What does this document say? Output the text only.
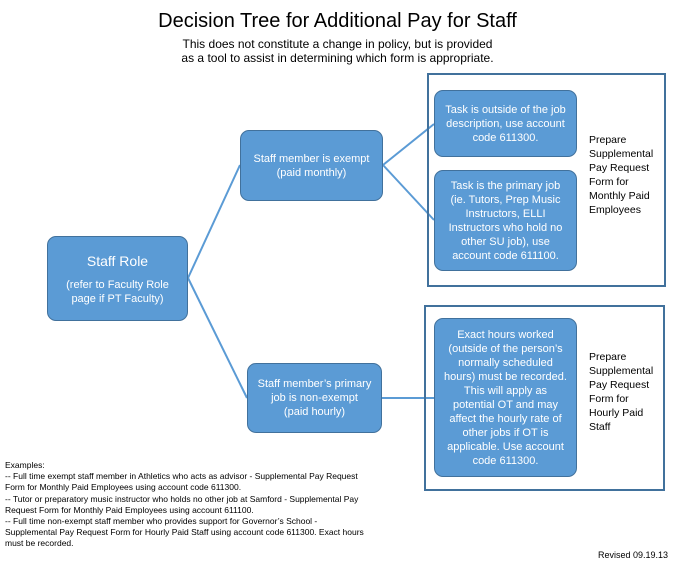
Decision Tree for Additional Pay for Staff
This does not constitute a change in policy, but is provided
as a tool to assist in determining which form is appropriate.
Staff Role
(refer to Faculty Role
page if PT Faculty)
Staff member is exempt
(paid monthly)
Staff member’s primary
job is non-exempt
(paid hourly)
Task is outside of the job
description, use account
code 611300.
Task is the primary job
(ie. Tutors, Prep Music
Instructors, ELLI
Instructors who hold no
other SU job), use
account code 611100.
Exact hours worked
(outside of the person’s
normally scheduled
hours) must be recorded.
This will apply as
potential OT and may
affect the hourly rate of
other jobs if OT is
applicable. Use account
code 611300.
Prepare
Supplemental
Pay Request
Form for
Monthly Paid
Employees
Prepare
Supplemental
Pay Request
Form for
Hourly Paid
Staff
Examples:
-- Full time exempt staff member in Athletics who acts as advisor - Supplemental Pay Request
Form for Monthly Paid Employees using account code 611300.
-- Tutor or preparatory music instructor who holds no other job at Samford - Supplemental Pay
Request Form for Monthly Paid Employees using account 611100.
-- Full time non-exempt staff member who provides support for Governor’s School -
Supplemental Pay Request Form for Hourly Paid Staff using account code 611300. Exact hours
must be recorded.
Revised 09.19.13
